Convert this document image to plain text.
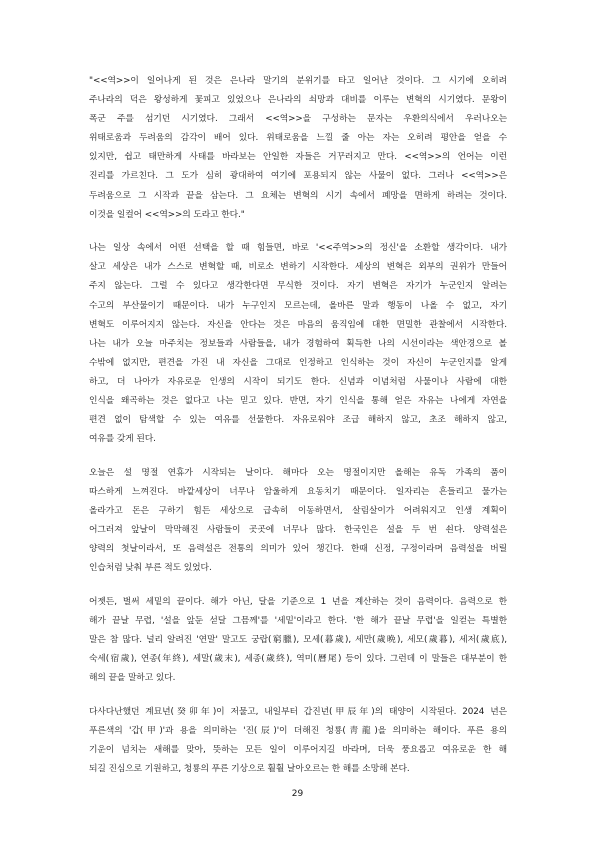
"<<역>>이 일어나게 된 것은 은나라 말기의 분위기를 타고 일어난 것이다. 그 시기에 오히려
주나라의 덕은 왕성하게 꽃피고 있었으나 은나라의 쇠망과 대비를 이루는 변혁의 시기였다. 문왕이
폭군 주를 섬기던 시기였다. 그래서 <<역>>을 구성하는 문자는 우환의식에서 우러나오는
위태로움과 두려움의 감각이 배어 있다. 위태로움을 느낄 줄 아는 자는 오히려 평안을 얻을 수
있지만, 쉽고 태만하게 사태를 바라보는 안일한 자들은 거꾸러지고 만다. <<역>>의 언어는 이런
진리를 가르친다. 그 도가 심히 광대하여 여기에 포용되지 않는 사물이 없다. 그러나 <<역>>은
두려움으로 그 시작과 끝을 삼는다. 그 요체는 변혁의 시기 속에서 폐망을 면하게 하려는 것이다.
이것을 일컬어 <<역>>의 도라고 한다."
나는 일상 속에서 어떤 선택을 할 때 힘들면, 바로 '<<주역>>의 정신'을 소환할 생각이다. 내가
살고 세상은 내가 스스로 변혁할 때, 비로소 변하기 시작한다. 세상의 변혁은 외부의 권위가 만들어
주지 않는다. 그럴 수 있다고 생각한다면 무식한 것이다. 자기 변혁은 자기가 누군인지 알려는
수고의 부산물이기 때문이다. 내가 누구인지 모르는데, 올바른 말과 행동이 나올 수 없고, 자기
변혁도 이루어지지 않는다. 자신을 안다는 것은 마음의 움직임에 대한 면밀한 관찰에서 시작한다.
나는 내가 오늘 마주치는 정보들과 사람들을, 내가 경험하여 획득한 나의 시선이라는 색안경으로 볼
수밖에 없지만, 편견을 가진 내 자신을 그대로 인정하고 인식하는 것이 자신이 누군인지를 알게
하고, 더 나아가 자유로운 인생의 시작이 되기도 한다. 신념과 이념처럼 사물이나 사람에 대한
인식을 왜곡하는 것은 없다고 나는 믿고 있다. 반면, 자기 인식을 통해 얻은 자유는 나에게 자연을
편견 없이 탐색할 수 있는 여유를 선물한다. 자유로워야 조급 해하지 않고, 초조 해하지 않고,
여유를 갖게 된다.
오늘은 설 명절 연휴가 시작되는 날이다. 해마다 오는 명절이지만 올해는 유독 가족의 품이
따스하게 느껴진다. 바깥세상이 너무나 암울하게 요동치기 때문이다. 일자리는 흔들리고 물가는
올라가고 돈은 구하기 힘든 세상으로 급속히 이동하면서, 살림살이가 어려워지고 인생 계획이
어그러져 앞날이 막막해진 사람들이 곳곳에 너무나 많다. 한국인은 설을 두 번 쇤다. 양력설은
양력의 첫날이라서, 또 음력설은 전통의 의미가 있어 챙긴다. 한때 신정, 구정이라며 음력설을 버릴
인습처럼 낮춰 부른 적도 있었다.
어젯든, 벌써 세밑의 끝이다. 해가 아닌, 달을 기준으로 1 년을 계산하는 것이 음력이다. 음력으로 한
해가 끝날 무렵, '설을 앞둔 섣달 그믐께'를 '세밑'이라고 한다. '한 해가 끝날 무렵'을 일컫는 특별한
말은 참 많다. 널리 알려진 '연말' 말고도 궁랍(窮臘), 모세(暮歲), 세만(歲晩), 세모(歲暮), 세저(歲底),
숙세(宿歲), 연종(年終), 세말(歲末), 세종(歲終), 역미(曆尾) 등이 있다. 그런데 이 말들은 대부분이 한
해의 끝을 말하고 있다.
다사다난했던 계묘년(癸卯年)이 저물고, 내일부터 갑진년(甲辰年)의 태양이 시작된다. 2024 년은
푸른색의 '갑(甲)'과 용을 의미하는 '진(辰)'이 더해진 청룡(靑龍)을 의미하는 해이다. 푸른 용의
기운이 넘치는 새해를 맞아, 뜻하는 모든 일이 이루어지길 바라며, 더욱 풍요롭고 여유로운 한 해
되길 진심으로 기원하고, 청룡의 푸른 기상으로 훨훨 날아오르는 한 해를 소망해 본다.
29
